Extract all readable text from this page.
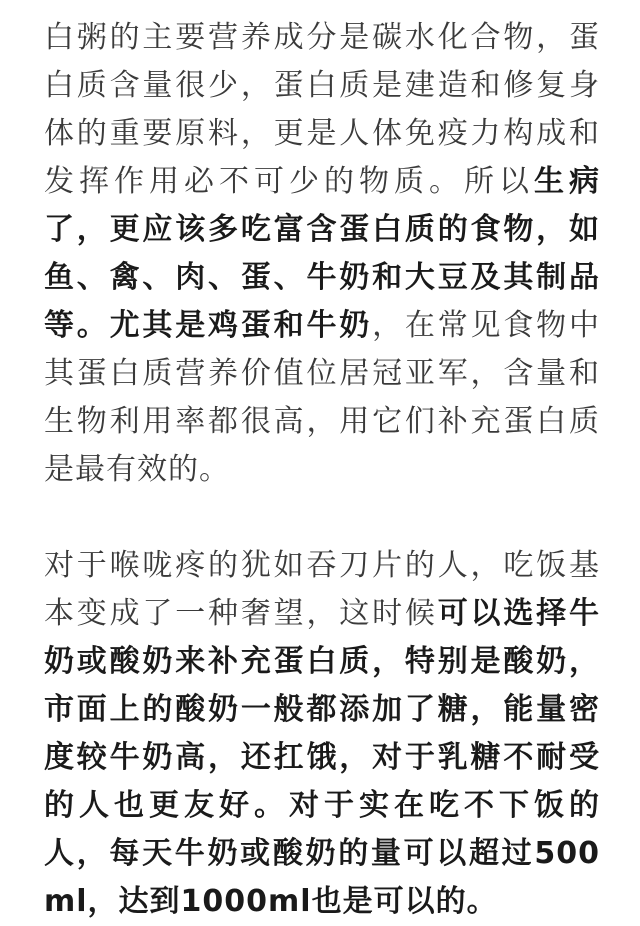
白粥的主要营养成分是碳水化合物，蛋白质含量很少，蛋白质是建造和修复身体的重要原料，更是人体免疫力构成和发挥作用必不可少的物质。所以生病了，更应该多吃富含蛋白质的食物，如鱼、禽、肉、蛋、牛奶和大豆及其制品等。尤其是鸡蛋和牛奶，在常见食物中其蛋白质营养价值位居冠亚军，含量和生物利用率都很高，用它们补充蛋白质是最有效的。

对于喉咙疼的犹如吞刀片的人，吃饭基本变成了一种奢望，这时候可以选择牛奶或酸奶来补充蛋白质，特别是酸奶，市面上的酸奶一般都添加了糖，能量密度较牛奶高，还扛饿，对于乳糖不耐受的人也更友好。对于实在吃不下饭的人，每天牛奶或酸奶的量可以超过500ml，达到1000ml也是可以的。
